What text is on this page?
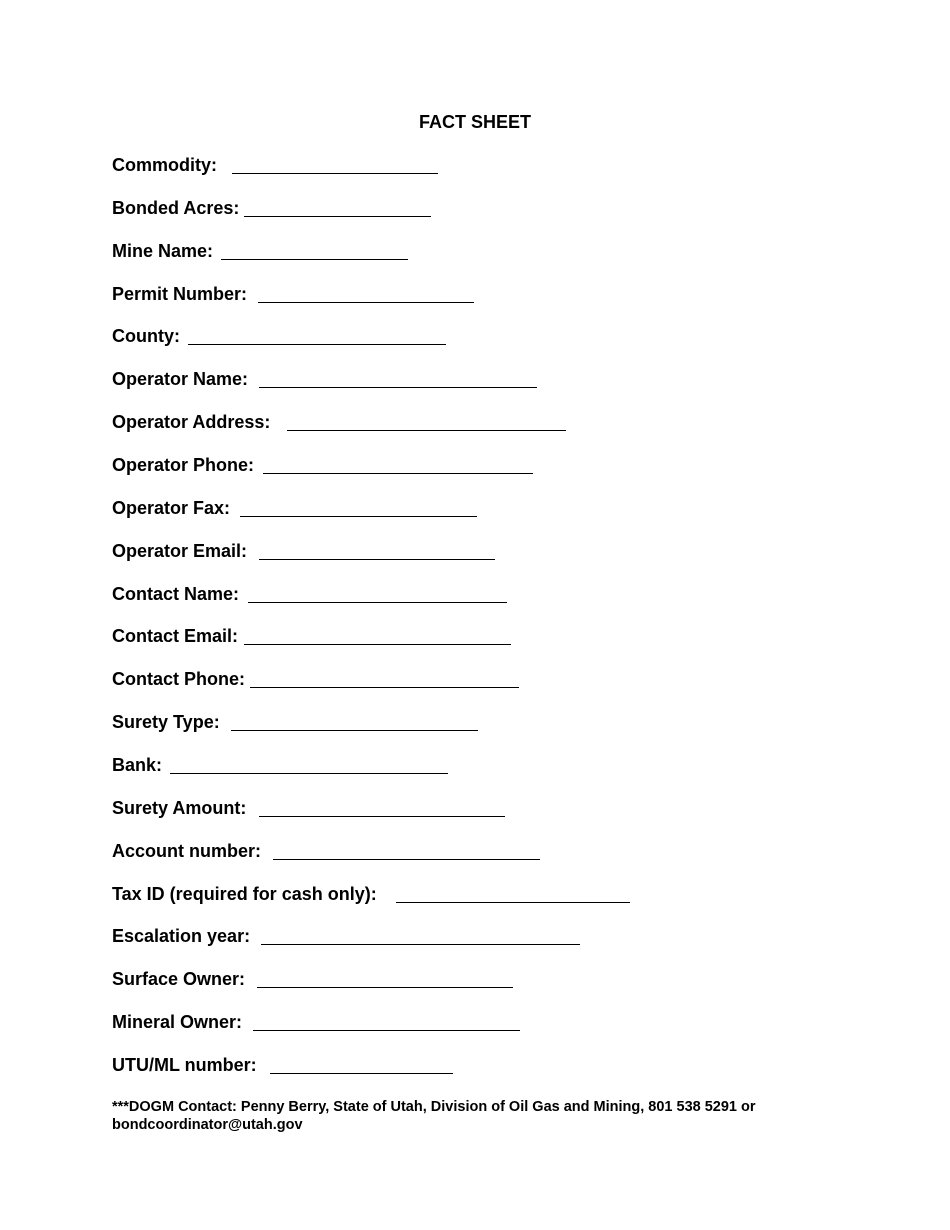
FACT SHEET
Commodity:
Bonded Acres:
Mine Name:
Permit Number:
County:
Operator Name:
Operator Address:
Operator Phone:
Operator Fax:
Operator Email:
Contact Name:
Contact Email:
Contact Phone:
Surety Type:
Bank:
Surety Amount:
Account number:
Tax ID (required for cash only):
Escalation year:
Surface Owner:
Mineral Owner:
UTU/ML number:
***DOGM Contact: Penny Berry, State of Utah, Division of Oil Gas and Mining, 801 538 5291 or
bondcoordinator@utah.gov
